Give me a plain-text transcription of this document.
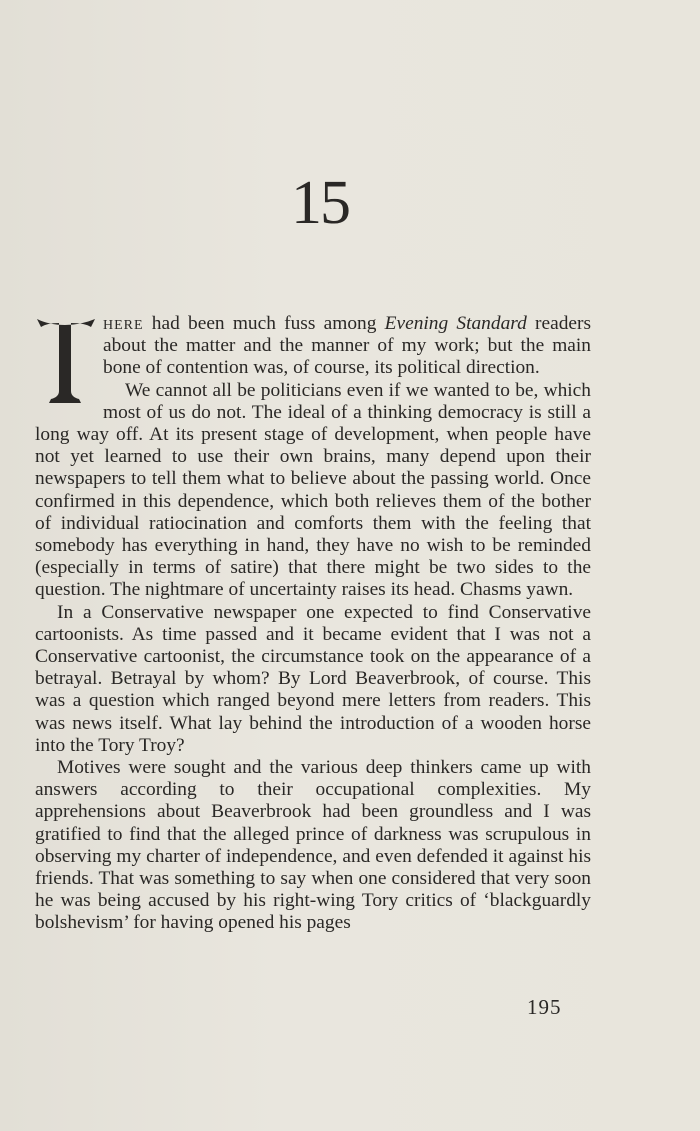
15

here had been much fuss among Evening Standard readers about the matter and the manner of my work; but the main bone of contention was, of course, its political direction.

We cannot all be politicians even if we wanted to be, which most of us do not. The ideal of a thinking democracy is still a long way off. At its present stage of development, when people have not yet learned to use their own brains, many depend upon their newspapers to tell them what to believe about the passing world. Once confirmed in this dependence, which both relieves them of the bother of individual ratiocination and comforts them with the feeling that somebody has everything in hand, they have no wish to be reminded (especially in terms of satire) that there might be two sides to the question. The nightmare of uncertainty raises its head. Chasms yawn.

In a Conservative newspaper one expected to find Conservative cartoonists. As time passed and it became evident that I was not a Conservative cartoonist, the circumstance took on the appearance of a betrayal. Betrayal by whom? By Lord Beaverbrook, of course. This was a question which ranged beyond mere letters from readers. This was news itself. What lay behind the introduction of a wooden horse into the Tory Troy?

Motives were sought and the various deep thinkers came up with answers according to their occupational complexities. My apprehensions about Beaverbrook had been groundless and I was gratified to find that the alleged prince of darkness was scrupulous in observing my charter of independence, and even defended it against his friends. That was something to say when one considered that very soon he was being accused by his right-wing Tory critics of ‘blackguardly bolshevism’ for having opened his pages

195
